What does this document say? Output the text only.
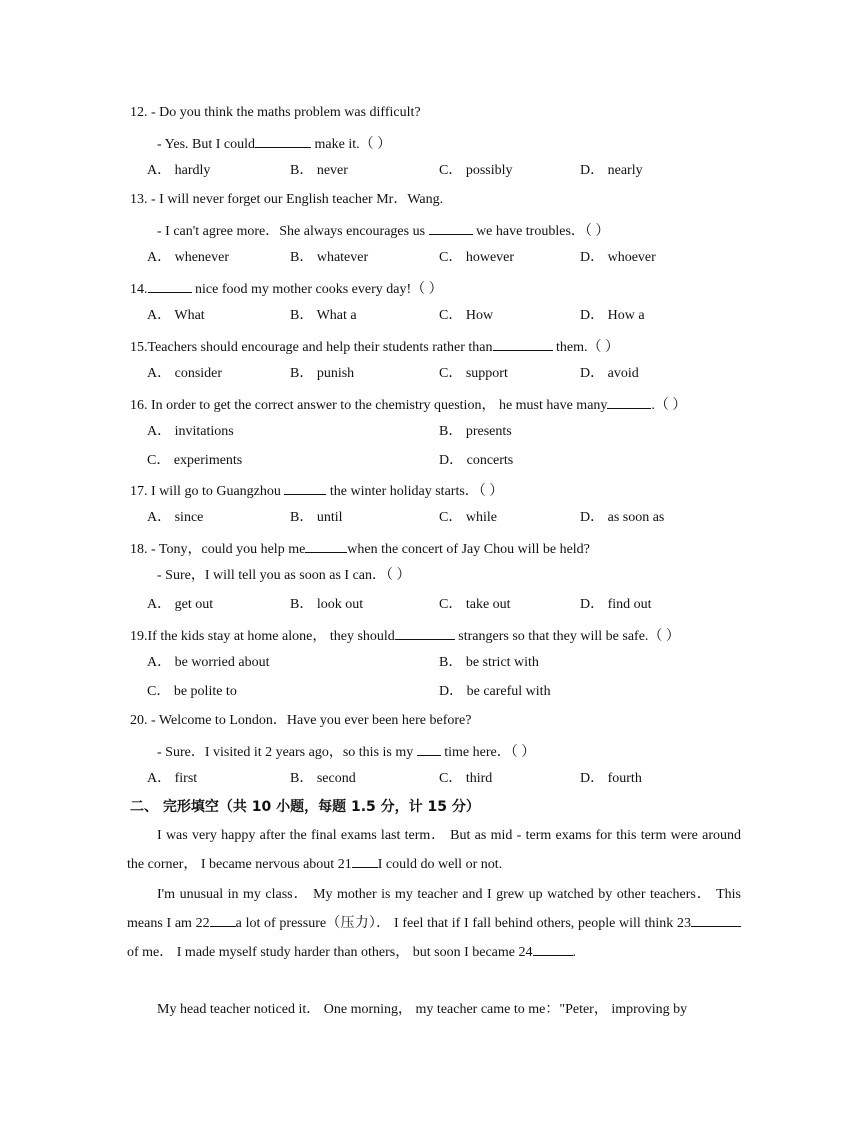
12. - Do you think the maths problem was difficult?
- Yes. But I could	make it.（ ）
A． hardly	B． never	C． possibly	D． nearly
13. - I will never forget our English teacher Mr．Wang.
- I can't agree more．She always encourages us	we have troubles．（ ）
A． whenever	B． whatever	C． however	D． whoever
14.	nice food my mother cooks every day!（ ）
A． What	B． What a	C． How	D． How a
15.Teachers should encourage and help their students rather than	them.（ ）
A． consider	B． punish	C． support	D． avoid
16. In order to get the correct answer to the chemistry question， he must have many	.（ ）
A． invitations	B． presents
C． experiments	D． concerts
17. I will go to Guangzhou	the winter holiday starts．（ ）
A． since	B． until	C． while	D． as soon as
18. - Tony，could you help me	when the concert of Jay Chou will be held?
- Sure，I will tell you as soon as I can．（ ）
A． get out	B． look out	C． take out	D． find out
19.If the kids stay at home alone， they should	strangers so that they will be safe.（ ）
A． be worried about	B． be strict with
C． be polite to	D． be careful with
20. - Welcome to London．Have you ever been here before?
- Sure．I visited it 2 years ago，so this is my  time here．（ ）
A． first	B． second	C． third	D． fourth
二、 完形填空（共 10 小题，每题 1.5 分，计 15 分）
I was very happy after the final exams last term． But as mid - term exams for this term were around the corner， I became nervous about 21 I could do well or not.
I'm unusual in my class． My mother is my teacher and I grew up watched by other teachers． This means I am 22 a lot of pressure（压力）． I feel that if I fall behind others, people will think 23of me． I made myself study harder than others， but soon I became 24	.
My head teacher noticed it． One morning， my teacher came to me："Peter， improving by
